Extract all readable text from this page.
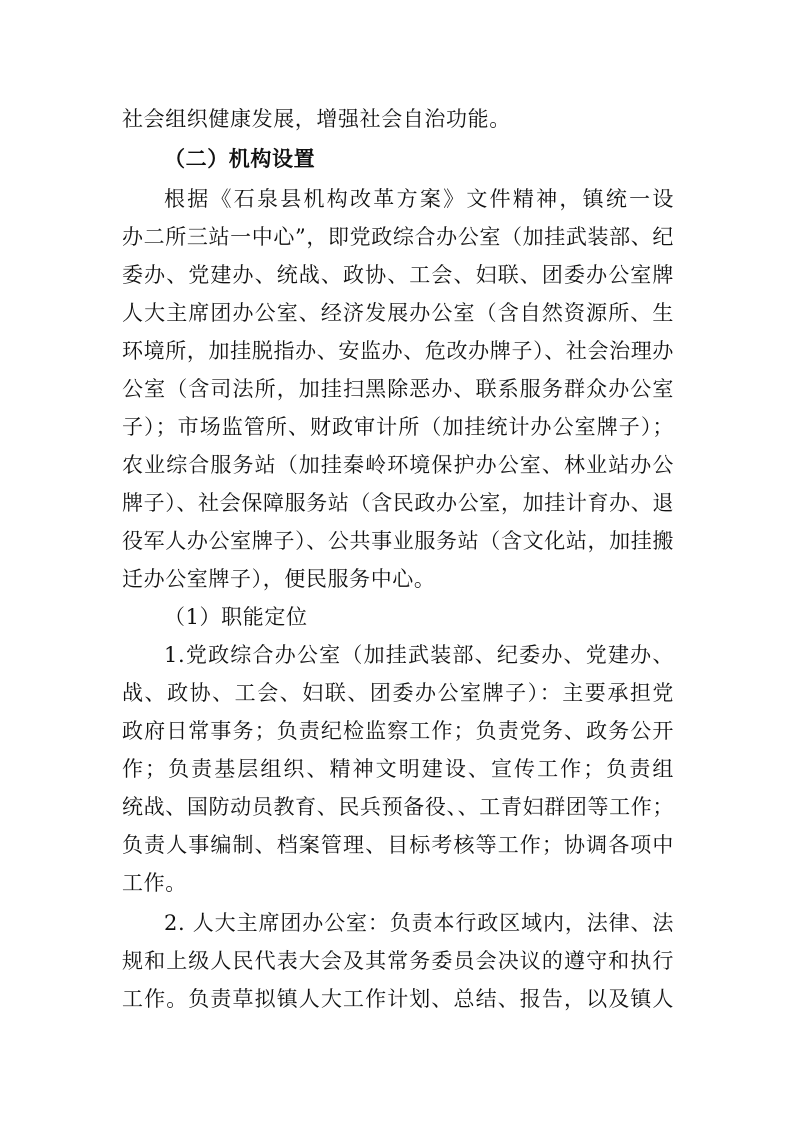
社会组织健康发展，增强社会自治功能。
（二）机构设置
根据《石泉县机构改革方案》文件精神，镇统一设
办二所三站一中心”，即党政综合办公室（加挂武装部、纪
委办、党建办、统战、政协、工会、妇联、团委办公室牌
人大主席团办公室、经济发展办公室（含自然资源所、生
环境所，加挂脱指办、安监办、危改办牌子）、社会治理办
公室（含司法所，加挂扫黑除恶办、联系服务群众办公室
子）；市场监管所、财政审计所（加挂统计办公室牌子）；
农业综合服务站（加挂秦岭环境保护办公室、林业站办公
牌子）、社会保障服务站（含民政办公室，加挂计育办、退
役军人办公室牌子）、公共事业服务站（含文化站，加挂搬
迁办公室牌子），便民服务中心。
（1）职能定位
1.党政综合办公室（加挂武装部、纪委办、党建办、
战、政协、工会、妇联、团委办公室牌子）：主要承担党
政府日常事务；负责纪检监察工作；负责党务、政务公开
作；负责基层组织、精神文明建设、宣传工作；负责组
统战、国防动员教育、民兵预备役、、工青妇群团等工作；
负责人事编制、档案管理、目标考核等工作；协调各项中
工作。
2. 人大主席团办公室：负责本行政区域内，法律、法
规和上级人民代表大会及其常务委员会决议的遵守和执行
工作。负责草拟镇人大工作计划、总结、报告，以及镇人
